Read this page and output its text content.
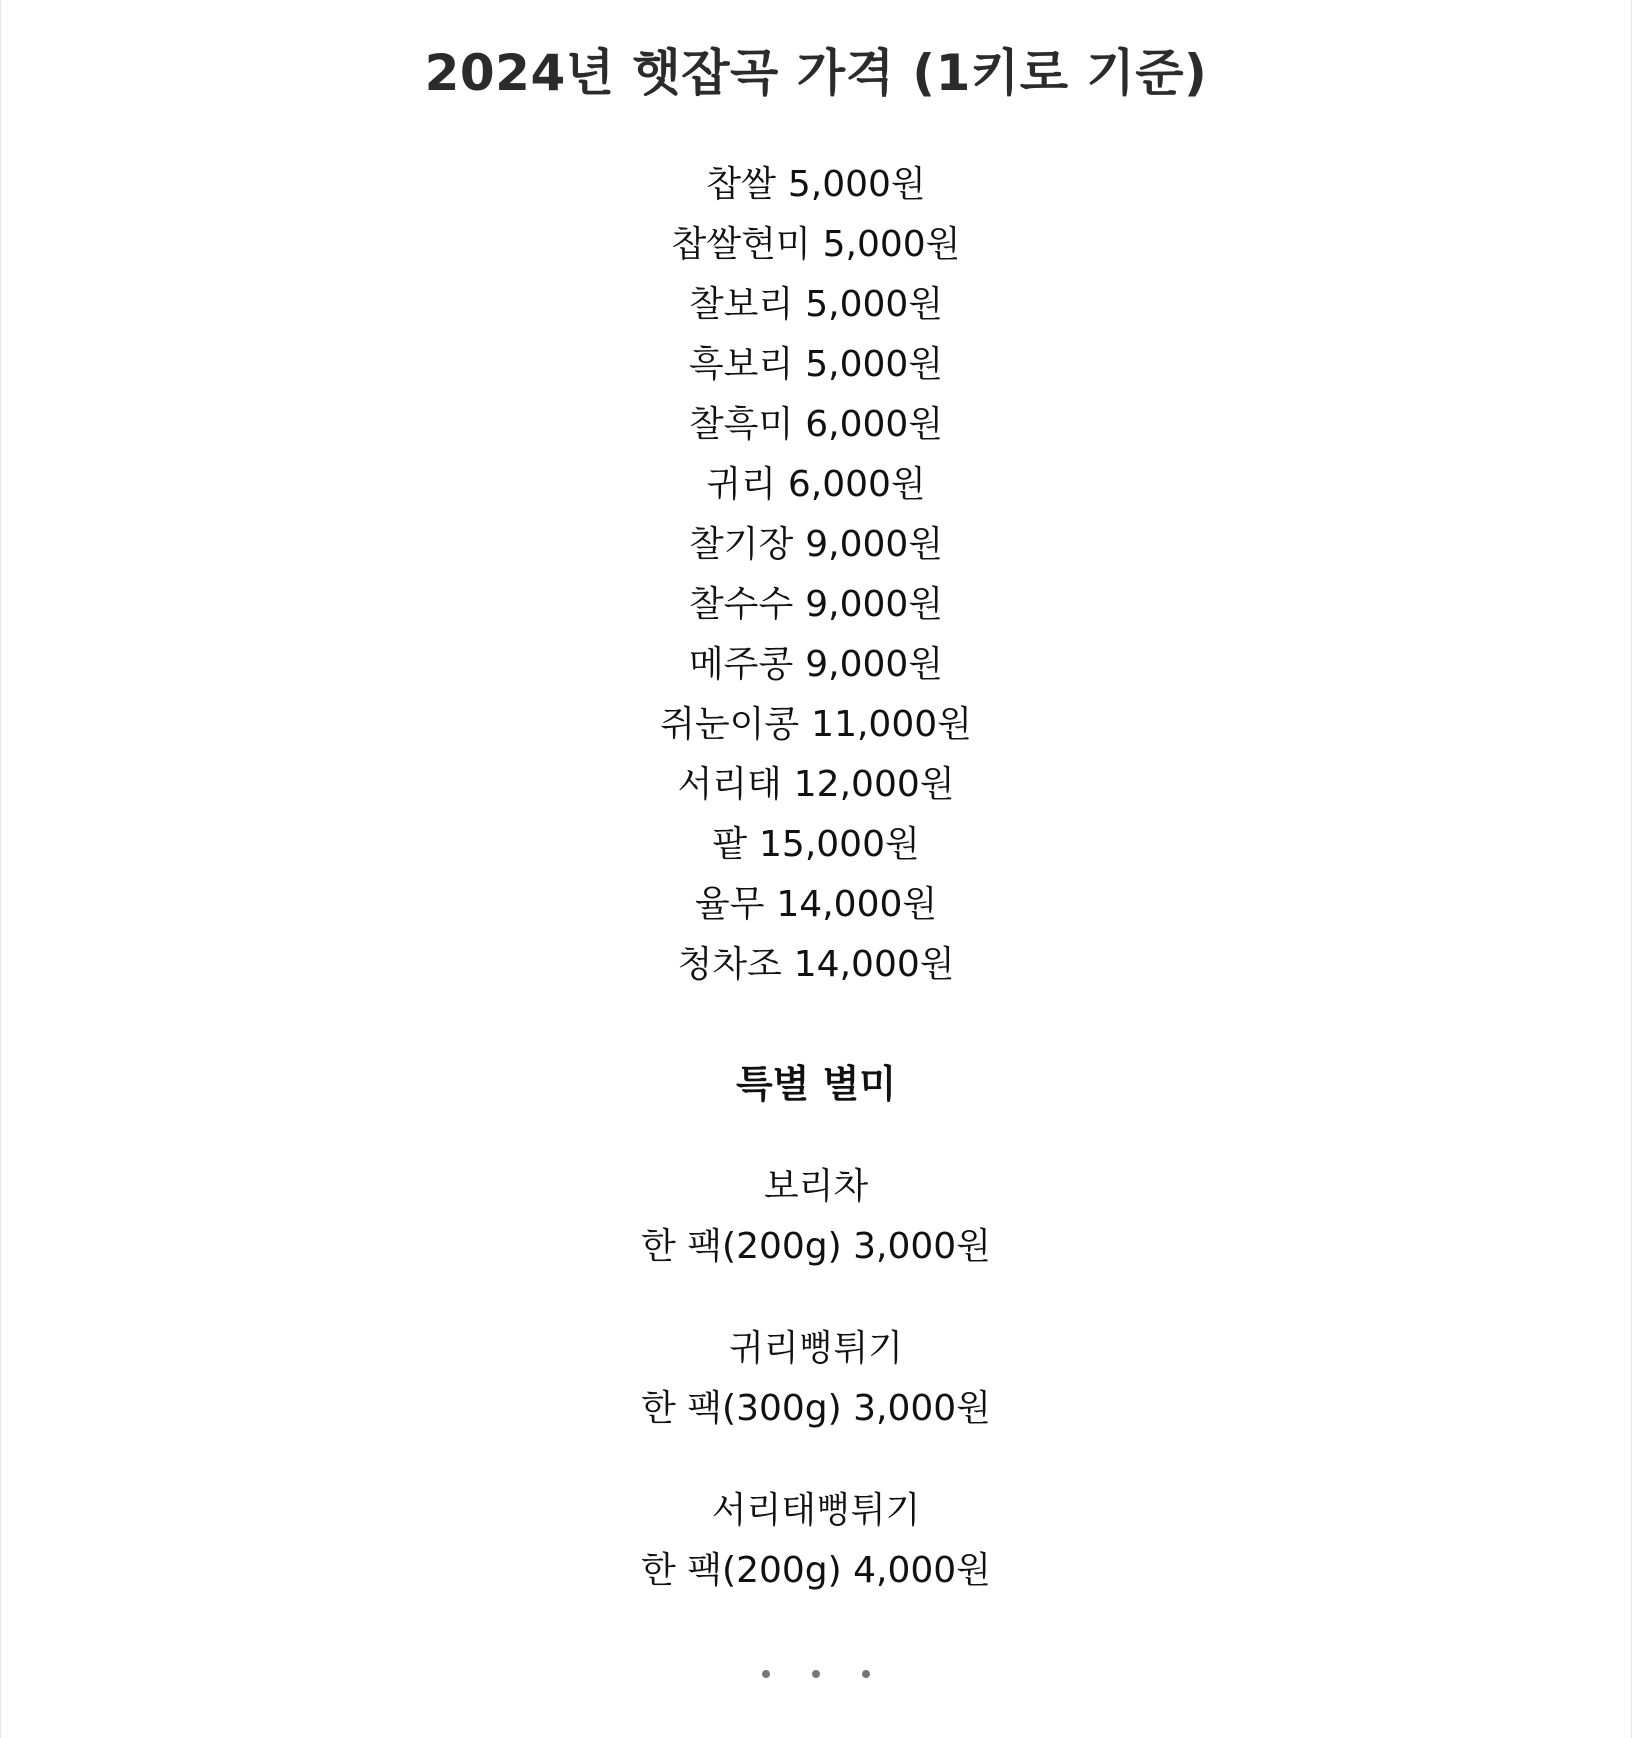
2024년 햇잡곡 가격 (1키로 기준)
찹쌀 5,000원
찹쌀현미 5,000원
찰보리 5,000원
흑보리 5,000원
찰흑미 6,000원
귀리 6,000원
찰기장 9,000원
찰수수 9,000원
메주콩 9,000원
쥐눈이콩 11,000원
서리태 12,000원
팥 15,000원
율무 14,000원
청차조 14,000원
특별 별미
보리차
한 팩(200g) 3,000원
귀리뻥튀기
한 팩(300g) 3,000원
서리태뻥튀기
한 팩(200g) 4,000원
